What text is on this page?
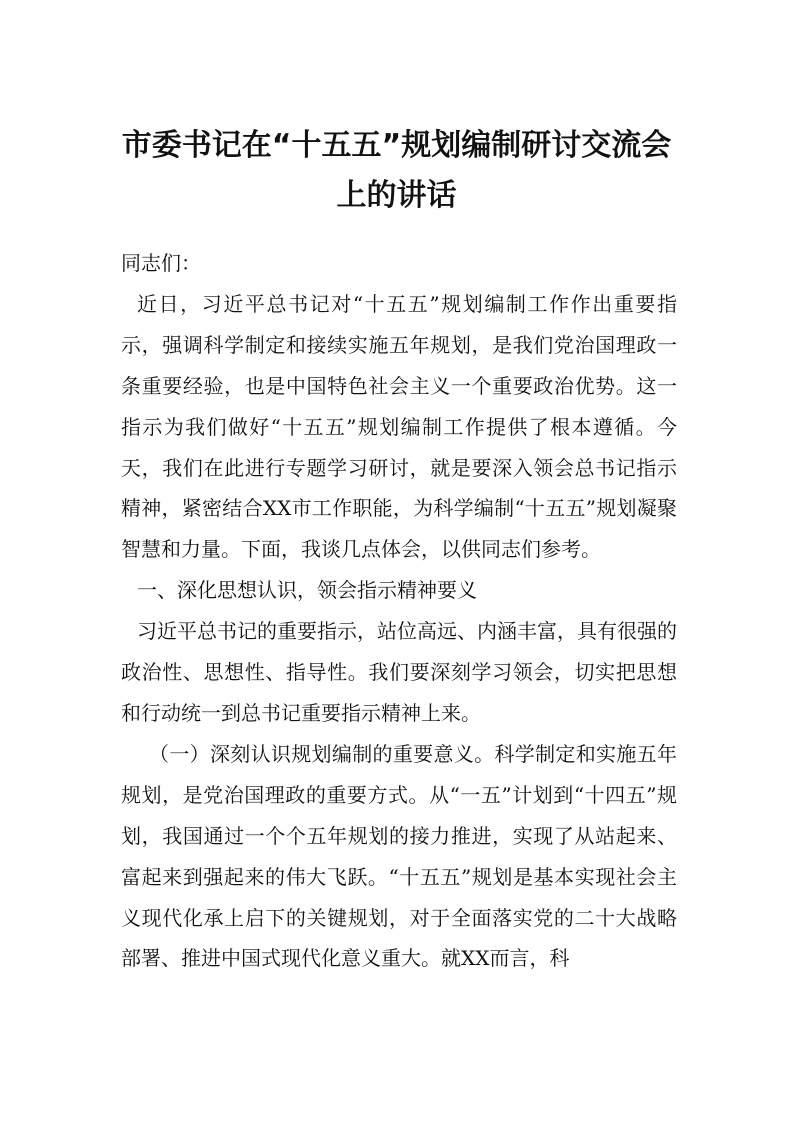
市委书记在“十五五”规划编制研讨交流会
上的讲话

同志们：

近日，习近平总书记对“十五五”规划编制工作作出重要指示，强调科学制定和接续实施五年规划，是我们党治国理政一条重要经验，也是中国特色社会主义一个重要政治优势。这一指示为我们做好“十五五”规划编制工作提供了根本遵循。今天，我们在此进行专题学习研讨，就是要深入领会总书记指示精神，紧密结合XX市工作职能，为科学编制“十五五”规划凝聚智慧和力量。下面，我谈几点体会，以供同志们参考。

一、深化思想认识，领会指示精神要义

习近平总书记的重要指示，站位高远、内涵丰富，具有很强的政治性、思想性、指导性。我们要深刻学习领会，切实把思想和行动统一到总书记重要指示精神上来。

（一）深刻认识规划编制的重要意义。科学制定和实施五年规划，是党治国理政的重要方式。从“一五”计划到“十四五”规划，我国通过一个个五年规划的接力推进，实现了从站起来、富起来到强起来的伟大飞跃。“十五五”规划是基本实现社会主义现代化承上启下的关键规划，对于全面落实党的二十大战略部署、推进中国式现代化意义重大。就XX而言，科
